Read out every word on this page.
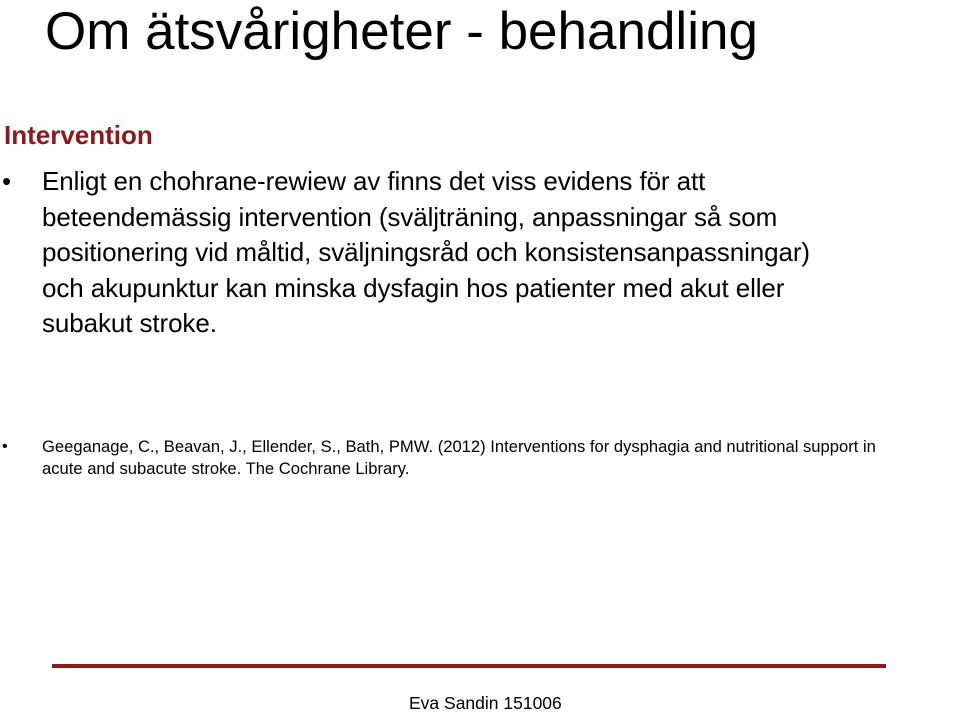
Om ätsvårigheter - behandling
Intervention
• Enligt en chohrane-rewiew av finns det viss evidens för att
beteendemässig intervention (sväljträning, anpassningar så som
positionering vid måltid, sväljningsråd och konsistensanpassningar)
och akupunktur kan minska dysfagin hos patienter med akut eller
subakut stroke.
• Geeganage, C., Beavan, J., Ellender, S., Bath, PMW. (2012) Interventions for dysphagia and nutritional support in
acute and subacute stroke. The Cochrane Library.
Eva Sandin 151006
